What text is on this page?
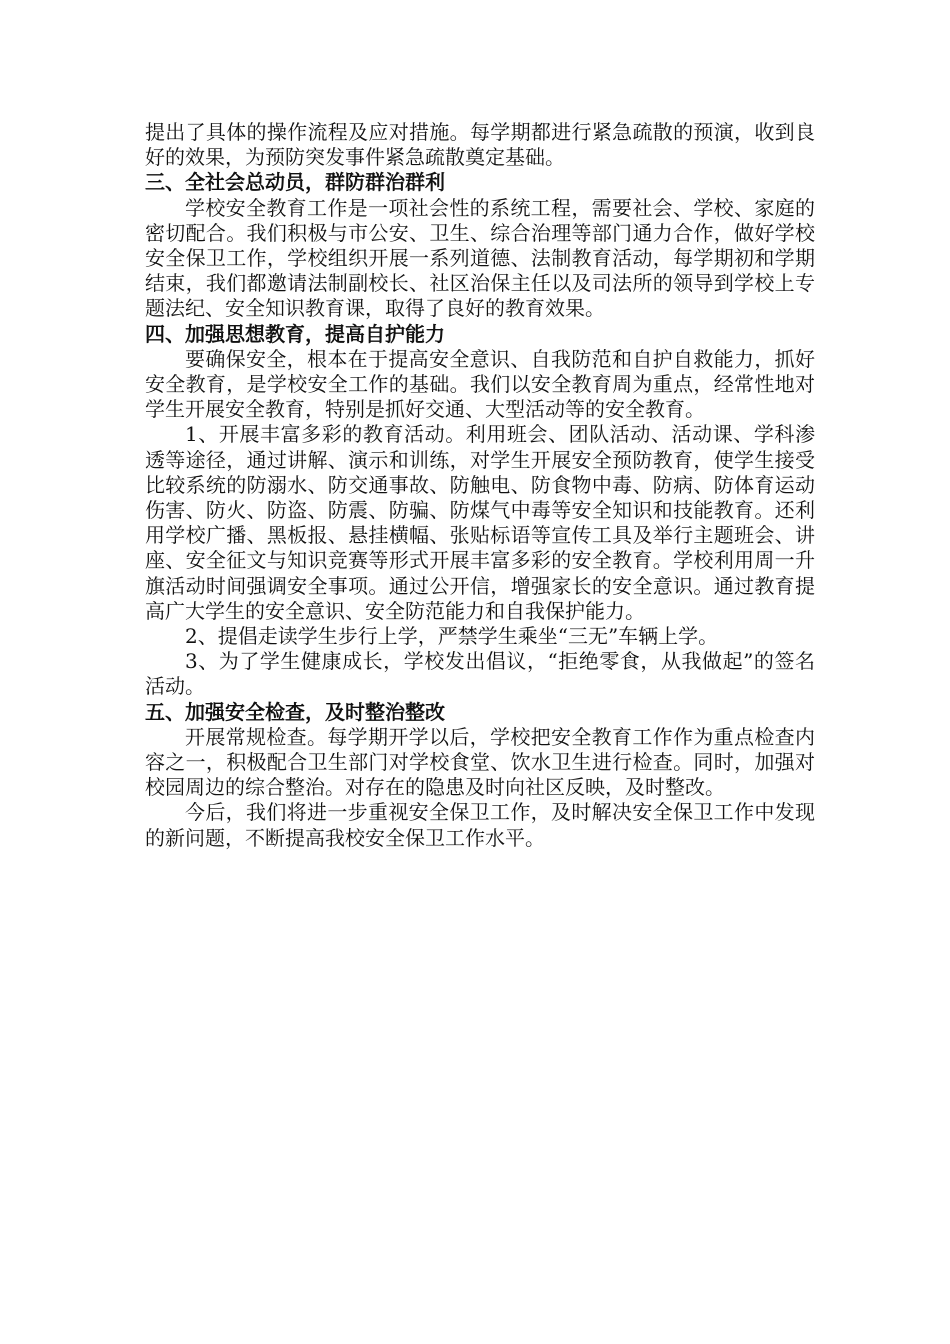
提出了具体的操作流程及应对措施。每学期都进行紧急疏散的预演，收到良好的效果，为预防突发事件紧急疏散奠定基础。

三、全社会总动员，群防群治群利

学校安全教育工作是一项社会性的系统工程，需要社会、学校、家庭的密切配合。我们积极与市公安、卫生、综合治理等部门通力合作，做好学校安全保卫工作，学校组织开展一系列道德、法制教育活动，每学期初和学期结束，我们都邀请法制副校长、社区治保主任以及司法所的领导到学校上专题法纪、安全知识教育课，取得了良好的教育效果。

四、加强思想教育，提高自护能力

要确保安全，根本在于提高安全意识、自我防范和自护自救能力，抓好安全教育，是学校安全工作的基础。我们以安全教育周为重点，经常性地对学生开展安全教育，特别是抓好交通、大型活动等的安全教育。

1、开展丰富多彩的教育活动。利用班会、团队活动、活动课、学科渗透等途径，通过讲解、演示和训练，对学生开展安全预防教育，使学生接受比较系统的防溺水、防交通事故、防触电、防食物中毒、防病、防体育运动伤害、防火、防盗、防震、防骗、防煤气中毒等安全知识和技能教育。还利用学校广播、黑板报、悬挂横幅、张贴标语等宣传工具及举行主题班会、讲座、安全征文与知识竞赛等形式开展丰富多彩的安全教育。学校利用周一升旗活动时间强调安全事项。通过公开信，增强家长的安全意识。通过教育提高广大学生的安全意识、安全防范能力和自我保护能力。

2、提倡走读学生步行上学，严禁学生乘坐“三无”车辆上学。

3、为了学生健康成长，学校发出倡议，“拒绝零食，从我做起”的签名活动。

五、加强安全检查，及时整治整改

开展常规检查。每学期开学以后，学校把安全教育工作作为重点检查内容之一，积极配合卫生部门对学校食堂、饮水卫生进行检查。同时，加强对校园周边的综合整治。对存在的隐患及时向社区反映，及时整改。

今后，我们将进一步重视安全保卫工作，及时解决安全保卫工作中发现的新问题，不断提高我校安全保卫工作水平。
